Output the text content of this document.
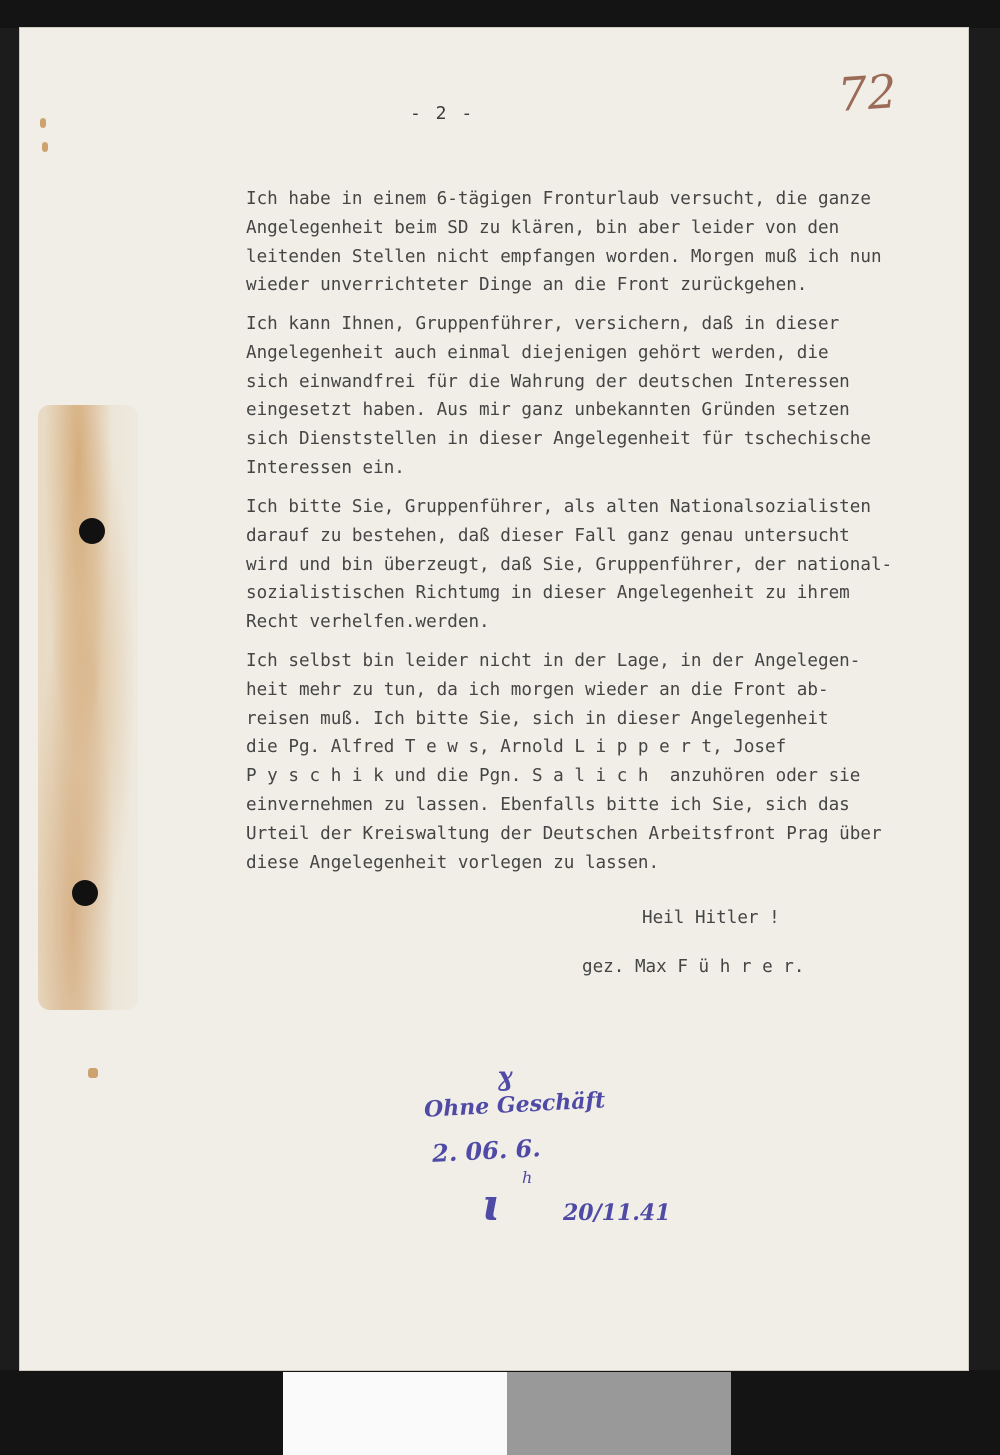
- 2 -	72
Ich habe in einem 6-tägigen Fronturlaub versucht, die ganze
Angelegenheit beim SD zu klären, bin aber leider von den
leitenden Stellen nicht empfangen worden. Morgen muß ich nun
wieder unverrichteter Dinge an die Front zurückgehen.
Ich kann Ihnen, Gruppenführer, versichern, daß in dieser
Angelegenheit auch einmal diejenigen gehört werden, die
sich einwandfrei für die Wahrung der deutschen Interessen
eingesetzt haben. Aus mir ganz unbekannten Gründen setzen
sich Dienststellen in dieser Angelegenheit für tschechische
Interessen ein.
Ich bitte Sie, Gruppenführer, als alten Nationalsozialisten
darauf zu bestehen, daß dieser Fall ganz genau untersucht
wird und bin überzeugt, daß Sie, Gruppenführer, der national-
sozialistischen Richtumg in dieser Angelegenheit zu ihrem
Recht verhelfen.werden.
Ich selbst bin leider nicht in der Lage, in der Angelegen-
heit mehr zu tun, da ich morgen wieder an die Front ab-
reisen muß. Ich bitte Sie, sich in dieser Angelegenheit
die Pg. Alfred T e w s, Arnold L i p p e r t, Josef
P y s c h i k und die Pgn. S a l i c h  anzuhören oder sie
einvernehmen zu lassen. Ebenfalls bitte ich Sie, sich das
Urteil der Kreiswaltung der Deutschen Arbeitsfront Prag über
diese Angelegenheit vorlegen zu lassen.
Heil Hitler !
gez. Max F ü h r e r.
ɣ
Ohne Geschäft
2. 06. 6.
ɩ
h
20/11.41
